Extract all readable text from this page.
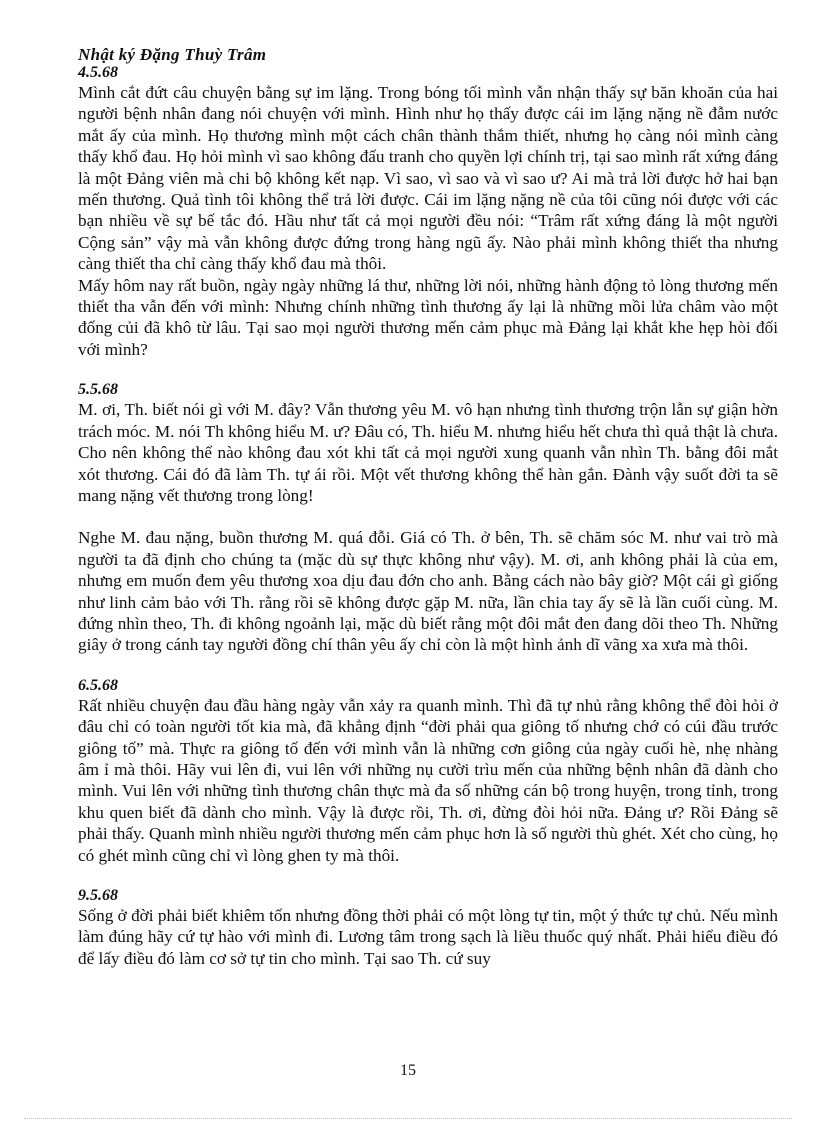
Nhật ký Đặng Thuỳ Trâm

4.5.68

Mình cắt đứt câu chuyện bằng sự im lặng. Trong bóng tối mình vẫn nhận thấy sự băn khoăn của hai người bệnh nhân đang nói chuyện với mình. Hình như họ thấy được cái im lặng nặng nề đẫm nước mắt ấy của mình. Họ thương mình một cách chân thành thắm thiết, nhưng họ càng nói mình càng thấy khổ đau. Họ hỏi mình vì sao không đấu tranh cho quyền lợi chính trị, tại sao mình rất xứng đáng là một Đảng viên mà chi bộ không kết nạp. Vì sao, vì sao và vì sao ư? Ai mà trả lời được hở hai bạn mến thương. Quả tình tôi không thể trả lời được. Cái im lặng nặng nề của tôi cũng nói được với các bạn nhiều về sự bế tắc đó. Hầu như tất cả mọi người đều nói: “Trâm rất xứng đáng là một người Cộng sản” vậy mà vẫn không được đứng trong hàng ngũ ấy. Nào phải mình không thiết tha nhưng càng thiết tha chỉ càng thấy khổ đau mà thôi.

Mấy hôm nay rất buồn, ngày ngày những lá thư, những lời nói, những hành động tỏ lòng thương mến thiết tha vẫn đến với mình: Nhưng chính những tình thương ấy lại là những mồi lửa châm vào một đống củi đã khô từ lâu. Tại sao mọi người thương mến cảm phục mà Đảng lại khắt khe hẹp hòi đối với mình?

5.5.68

M. ơi, Th. biết nói gì với M. đây? Vẫn thương yêu M. vô hạn nhưng tình thương trộn lẫn sự giận hờn trách móc. M. nói Th không hiểu M. ư? Đâu có, Th. hiểu M. nhưng hiểu hết chưa thì quả thật là chưa. Cho nên không thể nào không đau xót khi tất cả mọi người xung quanh vẫn nhìn Th. bằng đôi mắt xót thương. Cái đó đã làm Th. tự ái rồi. Một vết thương không thể hàn gắn. Đành vậy suốt đời ta sẽ mang nặng vết thương trong lòng!

Nghe M. đau nặng, buồn thương M. quá đỗi. Giá có Th. ở bên, Th. sẽ chăm sóc M. như vai trò mà người ta đã định cho chúng ta (mặc dù sự thực không như vậy). M. ơi, anh không phải là của em, nhưng em muốn đem yêu thương xoa dịu đau đớn cho anh. Bằng cách nào bây giờ? Một cái gì giống như linh cảm bảo với Th. rằng rồi sẽ không được gặp M. nữa, lần chia tay ấy sẽ là lần cuối cùng. M. đứng nhìn theo, Th. đi không ngoảnh lại, mặc dù biết rằng một đôi mắt đen đang dõi theo Th. Những giây ở trong cánh tay người đồng chí thân yêu ấy chỉ còn là một hình ảnh dĩ vãng xa xưa mà thôi.

6.5.68

Rất nhiều chuyện đau đầu hàng ngày vẫn xảy ra quanh mình. Thì đã tự nhủ rằng không thể đòi hỏi ở đâu chỉ có toàn người tốt kia mà, đã khẳng định “đời phải qua giông tố nhưng chớ có cúi đầu trước giông tố” mà. Thực ra giông tố đến với mình vẫn là những cơn giông của ngày cuối hè, nhẹ nhàng âm ỉ mà thôi. Hãy vui lên đi, vui lên với những nụ cười trìu mến của những bệnh nhân đã dành cho mình. Vui lên với những tình thương chân thực mà đa số những cán bộ trong huyện, trong tỉnh, trong khu quen biết đã dành cho mình. Vậy là được rồi, Th. ơi, đừng đòi hỏi nữa. Đảng ư? Rồi Đảng sẽ phải thấy. Quanh mình nhiều người thương mến cảm phục hơn là số người thù ghét. Xét cho cùng, họ có ghét mình cũng chỉ vì lòng ghen ty mà thôi.

9.5.68

Sống ở đời phải biết khiêm tốn nhưng đồng thời phải có một lòng tự tin, một ý thức tự chủ. Nếu mình làm đúng hãy cứ tự hào với mình đi. Lương tâm trong sạch là liều thuốc quý nhất. Phải hiểu điều đó để lấy điều đó làm cơ sở tự tin cho mình. Tại sao Th. cứ suy

15
